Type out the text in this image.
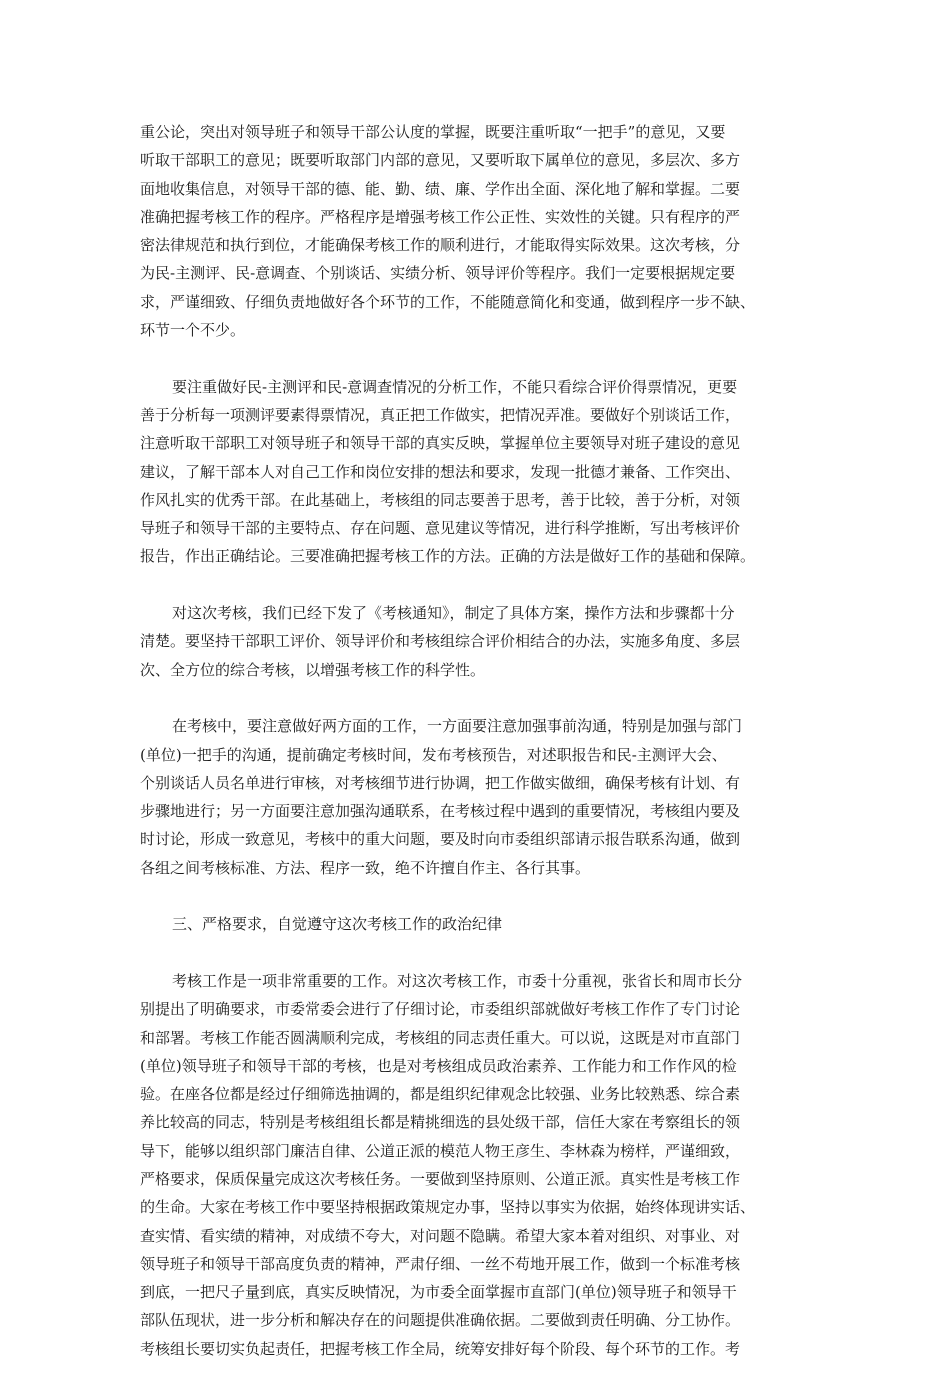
重公论，突出对领导班子和领导干部公认度的掌握，既要注重听取“一把手”的意见，又要
听取干部职工的意见；既要听取部门内部的意见，又要听取下属单位的意见，多层次、多方
面地收集信息，对领导干部的德、能、勤、绩、廉、学作出全面、深化地了解和掌握。二要
准确把握考核工作的程序。严格程序是增强考核工作公正性、实效性的关键。只有程序的严
密法律规范和执行到位，才能确保考核工作的顺利进行，才能取得实际效果。这次考核，分
为民-主测评、民-意调查、个别谈话、实绩分析、领导评价等程序。我们一定要根据规定要
求，严谨细致、仔细负责地做好各个环节的工作，不能随意简化和变通，做到程序一步不缺、
环节一个不少。
要注重做好民-主测评和民-意调查情况的分析工作，不能只看综合评价得票情况，更要
善于分析每一项测评要素得票情况，真正把工作做实，把情况弄准。要做好个别谈话工作，
注意听取干部职工对领导班子和领导干部的真实反映，掌握单位主要领导对班子建设的意见
建议，了解干部本人对自己工作和岗位安排的想法和要求，发现一批德才兼备、工作突出、
作风扎实的优秀干部。在此基础上，考核组的同志要善于思考，善于比较，善于分析，对领
导班子和领导干部的主要特点、存在问题、意见建议等情况，进行科学推断，写出考核评价
报告，作出正确结论。三要准确把握考核工作的方法。正确的方法是做好工作的基础和保障。
对这次考核，我们已经下发了《考核通知》，制定了具体方案，操作方法和步骤都十分
清楚。要坚持干部职工评价、领导评价和考核组综合评价相结合的办法，实施多角度、多层
次、全方位的综合考核，以增强考核工作的科学性。
在考核中，要注意做好两方面的工作，一方面要注意加强事前沟通，特别是加强与部门
(单位)一把手的沟通，提前确定考核时间，发布考核预告，对述职报告和民-主测评大会、
个别谈话人员名单进行审核，对考核细节进行协调，把工作做实做细，确保考核有计划、有
步骤地进行；另一方面要注意加强沟通联系，在考核过程中遇到的重要情况，考核组内要及
时讨论，形成一致意见，考核中的重大问题，要及时向市委组织部请示报告联系沟通，做到
各组之间考核标准、方法、程序一致，绝不许擅自作主、各行其事。
三、严格要求，自觉遵守这次考核工作的政治纪律
考核工作是一项非常重要的工作。对这次考核工作，市委十分重视，张省长和周市长分
别提出了明确要求，市委常委会进行了仔细讨论，市委组织部就做好考核工作作了专门讨论
和部署。考核工作能否圆满顺利完成，考核组的同志责任重大。可以说，这既是对市直部门
(单位)领导班子和领导干部的考核，也是对考核组成员政治素养、工作能力和工作作风的检
验。在座各位都是经过仔细筛选抽调的，都是组织纪律观念比较强、业务比较熟悉、综合素
养比较高的同志，特别是考核组组长都是精挑细选的县处级干部，信任大家在考察组长的领
导下，能够以组织部门廉洁自律、公道正派的模范人物王彦生、李林森为榜样，严谨细致，
严格要求，保质保量完成这次考核任务。一要做到坚持原则、公道正派。真实性是考核工作
的生命。大家在考核工作中要坚持根据政策规定办事，坚持以事实为依据，始终体现讲实话、
查实情、看实绩的精神，对成绩不夸大，对问题不隐瞒。希望大家本着对组织、对事业、对
领导班子和领导干部高度负责的精神，严肃仔细、一丝不苟地开展工作，做到一个标准考核
到底，一把尺子量到底，真实反映情况，为市委全面掌握市直部门(单位)领导班子和领导干
部队伍现状，进一步分析和解决存在的问题提供准确依据。二要做到责任明确、分工协作。
考核组长要切实负起责任，把握考核工作全局，统筹安排好每个阶段、每个环节的工作。考
